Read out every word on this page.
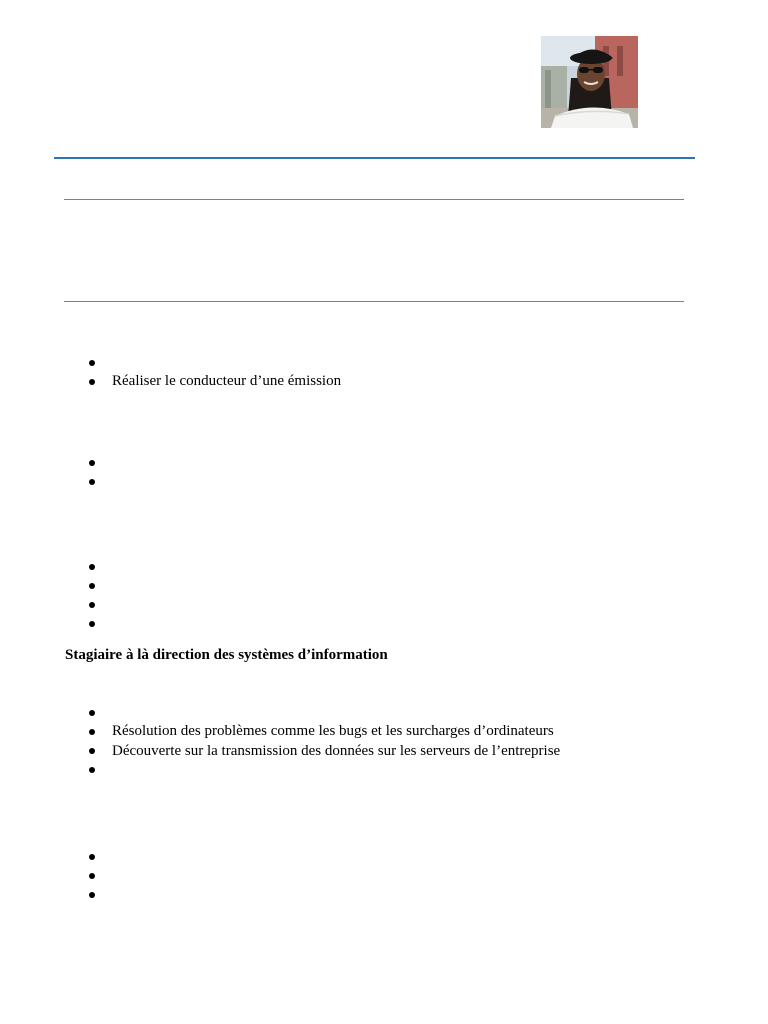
Réaliser le conducteur d’une émission
Stagiaire à là direction des systèmes d’information
Résolution des problèmes comme les bugs et les surcharges d’ordinateurs
Découverte sur la transmission des données sur les serveurs de l’entreprise
